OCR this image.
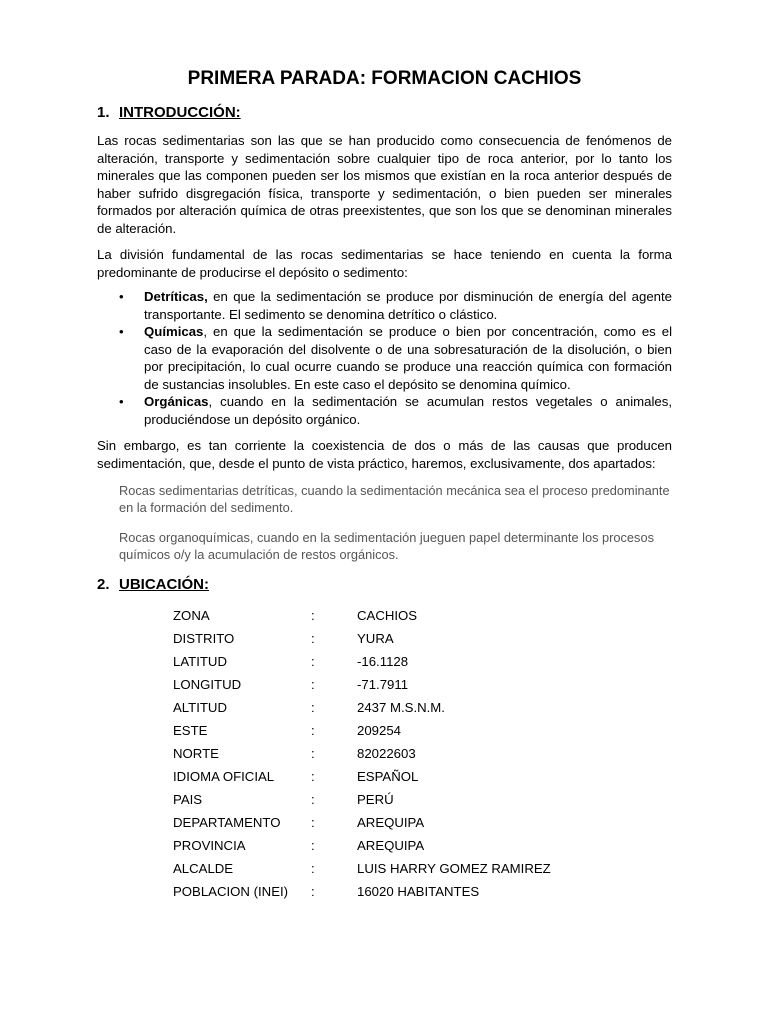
PRIMERA PARADA: FORMACION CACHIOS
1. INTRODUCCIÓN:

Las rocas sedimentarias son las que se han producido como consecuencia de fenómenos de alteración, transporte y sedimentación sobre cualquier tipo de roca anterior, por lo tanto los minerales que las componen pueden ser los mismos que existían en la roca anterior después de haber sufrido disgregación física, transporte y sedimentación, o bien pueden ser minerales formados por alteración química de otras preexistentes, que son los que se denominan minerales de alteración.

La división fundamental de las rocas sedimentarias se hace teniendo en cuenta la forma predominante de producirse el depósito o sedimento:

• Detríticas, en que la sedimentación se produce por disminución de energía del agente transportante. El sedimento se denomina detrítico o clástico.
• Químicas, en que la sedimentación se produce o bien por concentración, como es el caso de la evaporación del disolvente o de una sobresaturación de la disolución, o bien por precipitación, lo cual ocurre cuando se produce una reacción química con formación de sustancias insolubles. En este caso el depósito se denomina químico.
• Orgánicas, cuando en la sedimentación se acumulan restos vegetales o animales, produciéndose un depósito orgánico.

Sin embargo, es tan corriente la coexistencia de dos o más de las causas que producen sedimentación, que, desde el punto de vista práctico, haremos, exclusivamente, dos apartados:

Rocas sedimentarias detríticas, cuando la sedimentación mecánica sea el proceso predominante en la formación del sedimento.

Rocas organoquímicas, cuando en la sedimentación jueguen papel determinante los procesos químicos o/y la acumulación de restos orgánicos.

2. UBICACIÓN:
ZONA	:	CACHIOS
DISTRITO	:	YURA
LATITUD	:	-16.1128
LONGITUD	:	-71.7911
ALTITUD	:	2437 M.S.N.M.
ESTE	:	209254
NORTE	:	82022603
IDIOMA OFICIAL	:	ESPAÑOL
PAIS	:	PERÚ
DEPARTAMENTO	:	AREQUIPA
PROVINCIA	:	AREQUIPA
ALCALDE	:	LUIS HARRY GOMEZ RAMIREZ
POBLACION (INEI)	:	16020 HABITANTES
